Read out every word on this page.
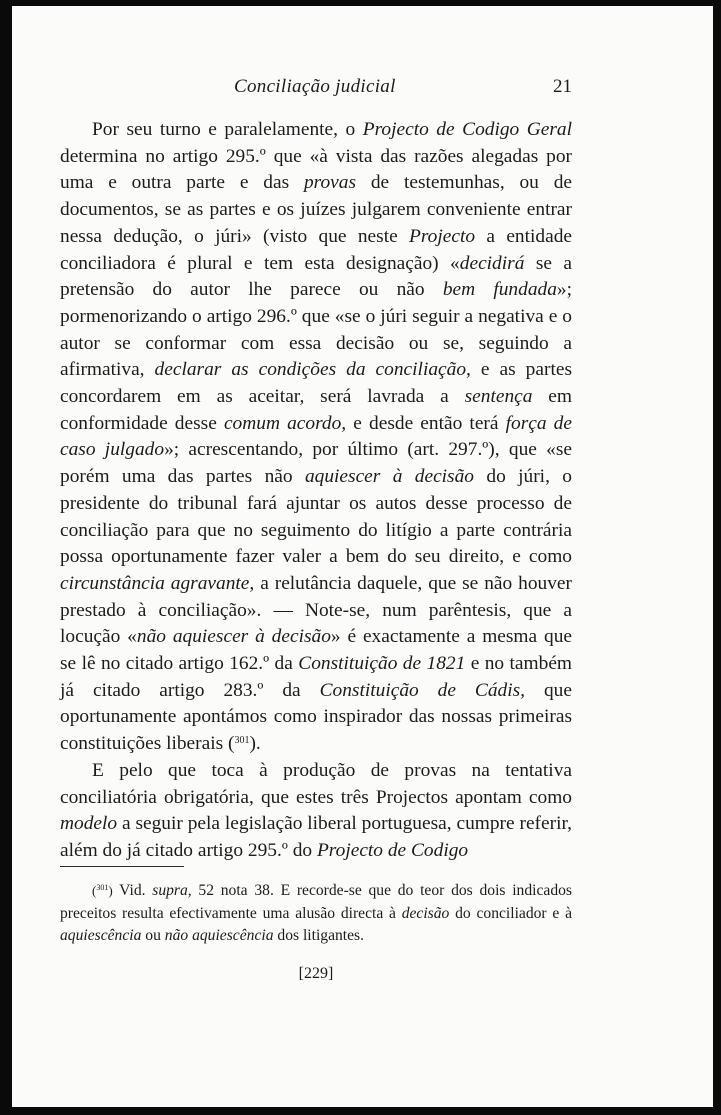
Conciliação judicial	21

Por seu turno e paralelamente, o Projecto de Codigo Geral determina no artigo 295.º que «à vista das razões alegadas por uma e outra parte e das provas de testemunhas, ou de documentos, se as partes e os juízes julgarem conveniente entrar nessa dedução, o júri» (visto que neste Projecto a entidade conciliadora é plural e tem esta designação) «decidirá se a pretensão do autor lhe parece ou não bem fundada»; pormenorizando o artigo 296.º que «se o júri seguir a negativa e o autor se conformar com essa decisão ou se, seguindo a afirmativa, declarar as condições da conciliação, e as partes concordarem em as aceitar, será lavrada a sentença em conformidade desse comum acordo, e desde então terá força de caso julgado»; acrescentando, por último (art. 297.º), que «se porém uma das partes não aquiescer à decisão do júri, o presidente do tribunal fará ajuntar os autos desse processo de conciliação para que no seguimento do litígio a parte contrária possa oportunamente fazer valer a bem do seu direito, e como circunstância agravante, a relutância daquele, que se não houver prestado à conciliação». — Note-se, num parêntesis, que a locução «não aquiescer à decisão» é exactamente a mesma que se lê no citado artigo 162.º da Constituição de 1821 e no também já citado artigo 283.º da Constituição de Cádis, que oportunamente apontámos como inspirador das nossas primeiras constituições liberais ($^{301}$).

E pelo que toca à produção de provas na tentativa conciliatória obrigatória, que estes três Projectos apontam como modelo a seguir pela legislação liberal portuguesa, cumpre referir, além do já citado artigo 295.º do Projecto de Codigo

($^{301}$) Vid. supra, 52 nota 38. E recorde-se que do teor dos dois indicados preceitos resulta efectivamente uma alusão directa à decisão do conciliador e à aquiescência ou não aquiescência dos litigantes.

[229]
